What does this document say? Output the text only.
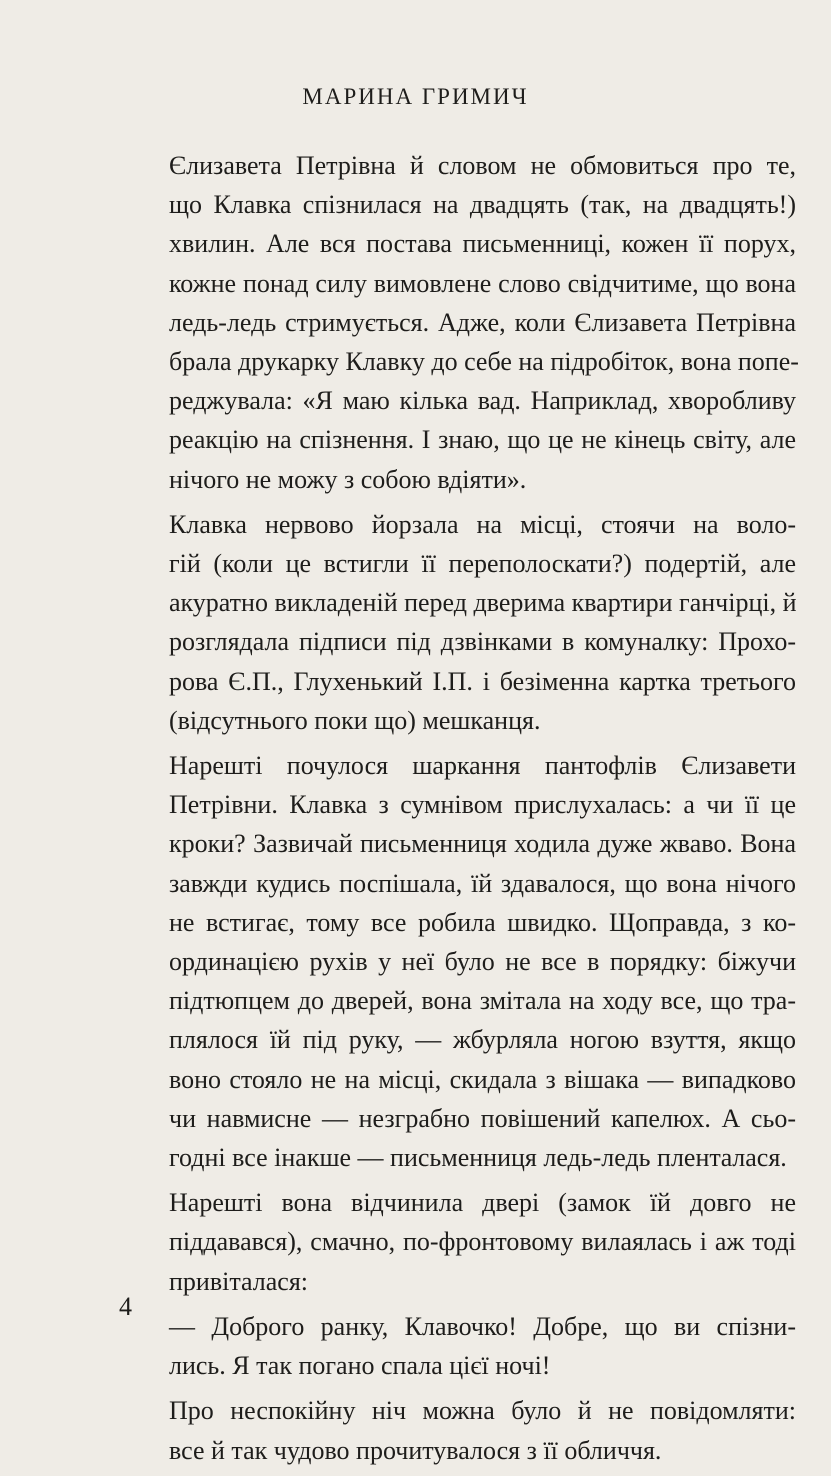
МАРИНА ГРИМИЧ

Єлизавета Петрівна й словом не обмовиться про те,
що Клавка спізнилася на двадцять (так, на двадцять!)
хвилин. Але вся постава письменниці, кожен її порух,
кожне понад силу вимовлене слово свідчитиме, що вона
ледь-ледь стримується. Адже, коли Єлизавета Петрівна
брала друкарку Клавку до себе на підробіток, вона попе-
реджувала: «Я маю кілька вад. Наприклад, хворобливу
реакцію на спізнення. І знаю, що це не кінець світу, але
нічого не можу з собою вдіяти».

Клавка нервово йорзала на місці, стоячи на воло-
гій (коли це встигли її переполоскати?) подертій, але
акуратно викладеній перед дверима квартири ганчірці, й
розглядала підписи під дзвінками в комуналку: Прохо-
рова Є.П., Глухенький І.П. і безіменна картка третього
(відсутнього поки що) мешканця.

Нарешті почулося шаркання пантофлів Єлизавети
Петрівни. Клавка з сумнівом прислухалась: а чи її це
кроки? Зазвичай письменниця ходила дуже жваво. Вона
завжди кудись поспішала, їй здавалося, що вона нічого
не встигає, тому все робила швидко. Щоправда, з ко-
ординацією рухів у неї було не все в порядку: біжучи
підтюпцем до дверей, вона змітала на ходу все, що тра-
плялося їй під руку, — жбурляла ногою взуття, якщо
воно стояло не на місці, скидала з вішака — випадково
чи навмисне — незграбно повішений капелюх. А сьо-
годні все інакше — письменниця ледь-ледь плентaлася.

Нарешті вона відчинила двері (замок їй довго не
піддавався), смачно, по-фронтовому вилаялась і аж тоді
привіталася:

— Доброго ранку, Клавочко! Добре, що ви спізни-
лись. Я так погано спала цієї ночі!

Про неспокійну ніч можна було й не повідомляти:
все й так чудово прочитувалося з її обличчя.

4
